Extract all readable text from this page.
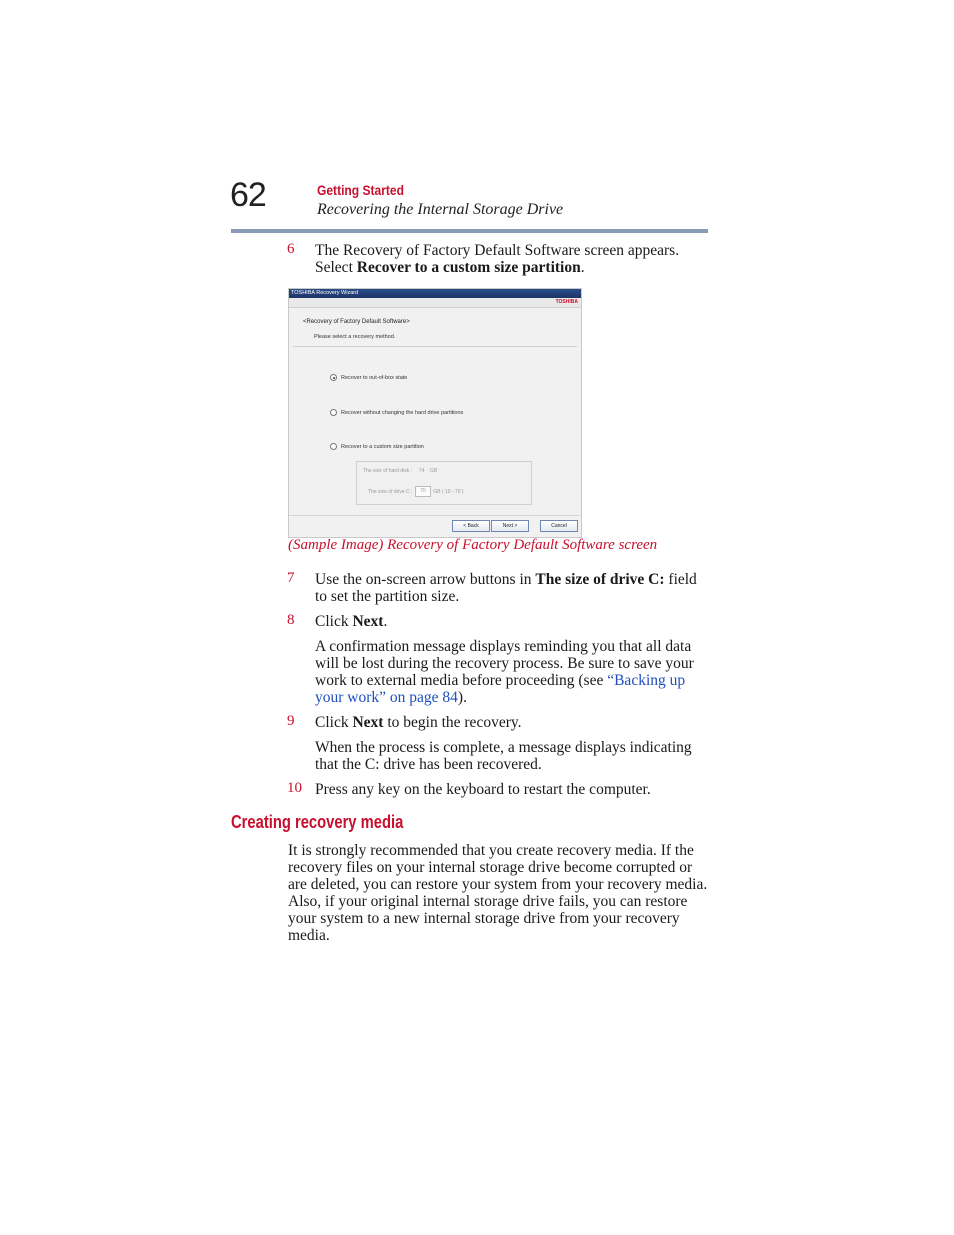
62	Getting Started
Recovering the Internal Storage Drive
6 The Recovery of Factory Default Software screen appears. Select Recover to a custom size partition.
TOSHIBA Recovery Wizard
TOSHIBA
<Recovery of Factory Default Software>
Please select a recovery method.
Recover to out-of-box state
Recover without changing the hard drive partitions
Recover to a custom size partition
The size of hard disk : 74 GB
The size of drive C : 70 GB ( 10 - 70 )
< Back	Next >	Cancel
(Sample Image) Recovery of Factory Default Software screen
7 Use the on-screen arrow buttons in The size of drive C: field to set the partition size.
8 Click Next.
A confirmation message displays reminding you that all data will be lost during the recovery process. Be sure to save your work to external media before proceeding (see “Backing up your work” on page 84).
9 Click Next to begin the recovery.
When the process is complete, a message displays indicating that the C: drive has been recovered.
10 Press any key on the keyboard to restart the computer.
Creating recovery media
It is strongly recommended that you create recovery media. If the recovery files on your internal storage drive become corrupted or are deleted, you can restore your system from your recovery media. Also, if your original internal storage drive fails, you can restore your system to a new internal storage drive from your recovery media.
